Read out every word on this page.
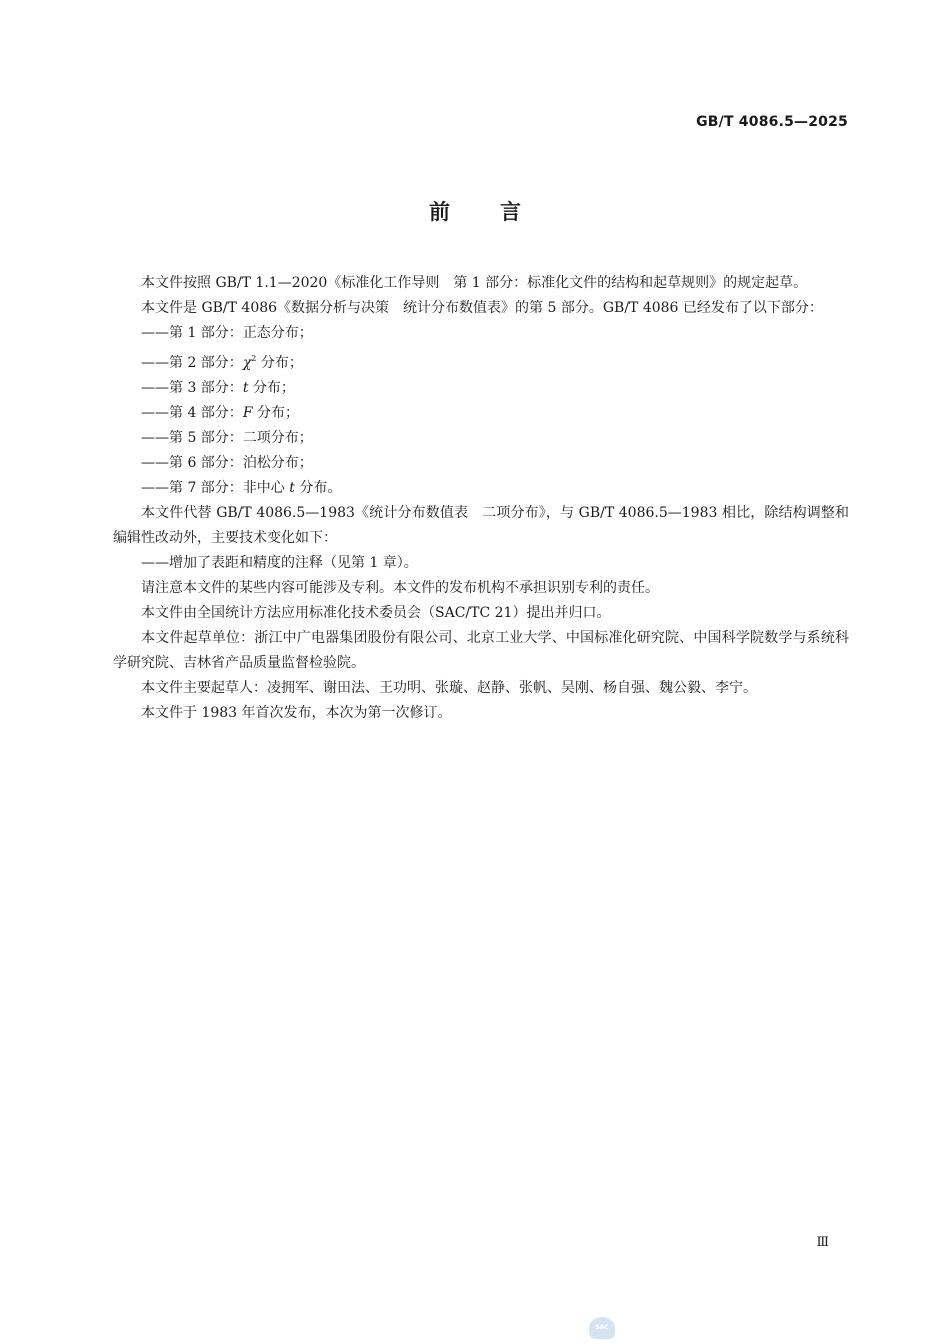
GB/T 4086.5—2025
前言

本文件按照 GB/T 1.1—2020《标准化工作导则　第 1 部分：标准化文件的结构和起草规则》的规定起草。

本文件是 GB/T 4086《数据分析与决策　统计分布数值表》的第 5 部分。GB/T 4086 已经发布了以下部分：

——第 1 部分：正态分布；

——第 2 部分：$\chi^2$ 分布；

——第 3 部分：t 分布；

——第 4 部分：F 分布；

——第 5 部分：二项分布；

——第 6 部分：泊松分布；

——第 7 部分：非中心 t 分布。

本文件代替 GB/T 4086.5—1983《统计分布数值表　二项分布》，与 GB/T 4086.5—1983 相比，除结构调整和编辑性改动外，主要技术变化如下：

——增加了表距和精度的注释（见第 1 章）。

请注意本文件的某些内容可能涉及专利。本文件的发布机构不承担识别专利的责任。

本文件由全国统计方法应用标准化技术委员会（SAC/TC 21）提出并归口。

本文件起草单位：浙江中广电器集团股份有限公司、北京工业大学、中国标准化研究院、中国科学院数学与系统科学研究院、吉林省产品质量监督检验院。

本文件主要起草人：凌拥军、谢田法、王功明、张璇、赵静、张帆、吴刚、杨自强、魏公毅、李宁。

本文件于 1983 年首次发布，本次为第一次修订。

Ⅲ
SAC
